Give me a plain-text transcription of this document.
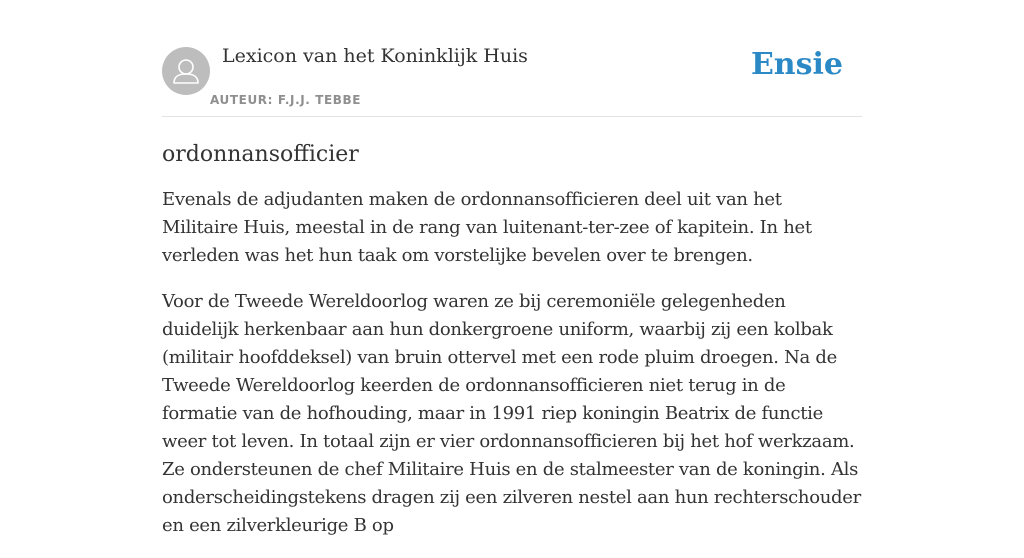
Lexicon van het Koninklijk Huis
AUTEUR: F.J.J. TEBBE
Ensie
ordonnansofficier

Evenals de adjudanten maken de ordonnansofficieren deel uit van het Militaire Huis, meestal in de rang van luitenant-ter-zee of kapitein. In het verleden was het hun taak om vorstelijke bevelen over te brengen.

Voor de Tweede Wereldoorlog waren ze bij ceremoniële gelegenheden duidelijk herkenbaar aan hun donkergroene uniform, waarbij zij een kolbak (militair hoofddeksel) van bruin ottervel met een rode pluim droegen. Na de Tweede Wereldoorlog keerden de ordonnansofficieren niet terug in de formatie van de hofhouding, maar in 1991 riep koningin Beatrix de functie weer tot leven. In totaal zijn er vier ordonnansofficieren bij het hof werkzaam. Ze ondersteunen de chef Militaire Huis en de stalmeester van de koningin. Als onderscheidingstekens dragen zij een zilveren nestel aan hun rechterschouder en een zilverkleurige B op
